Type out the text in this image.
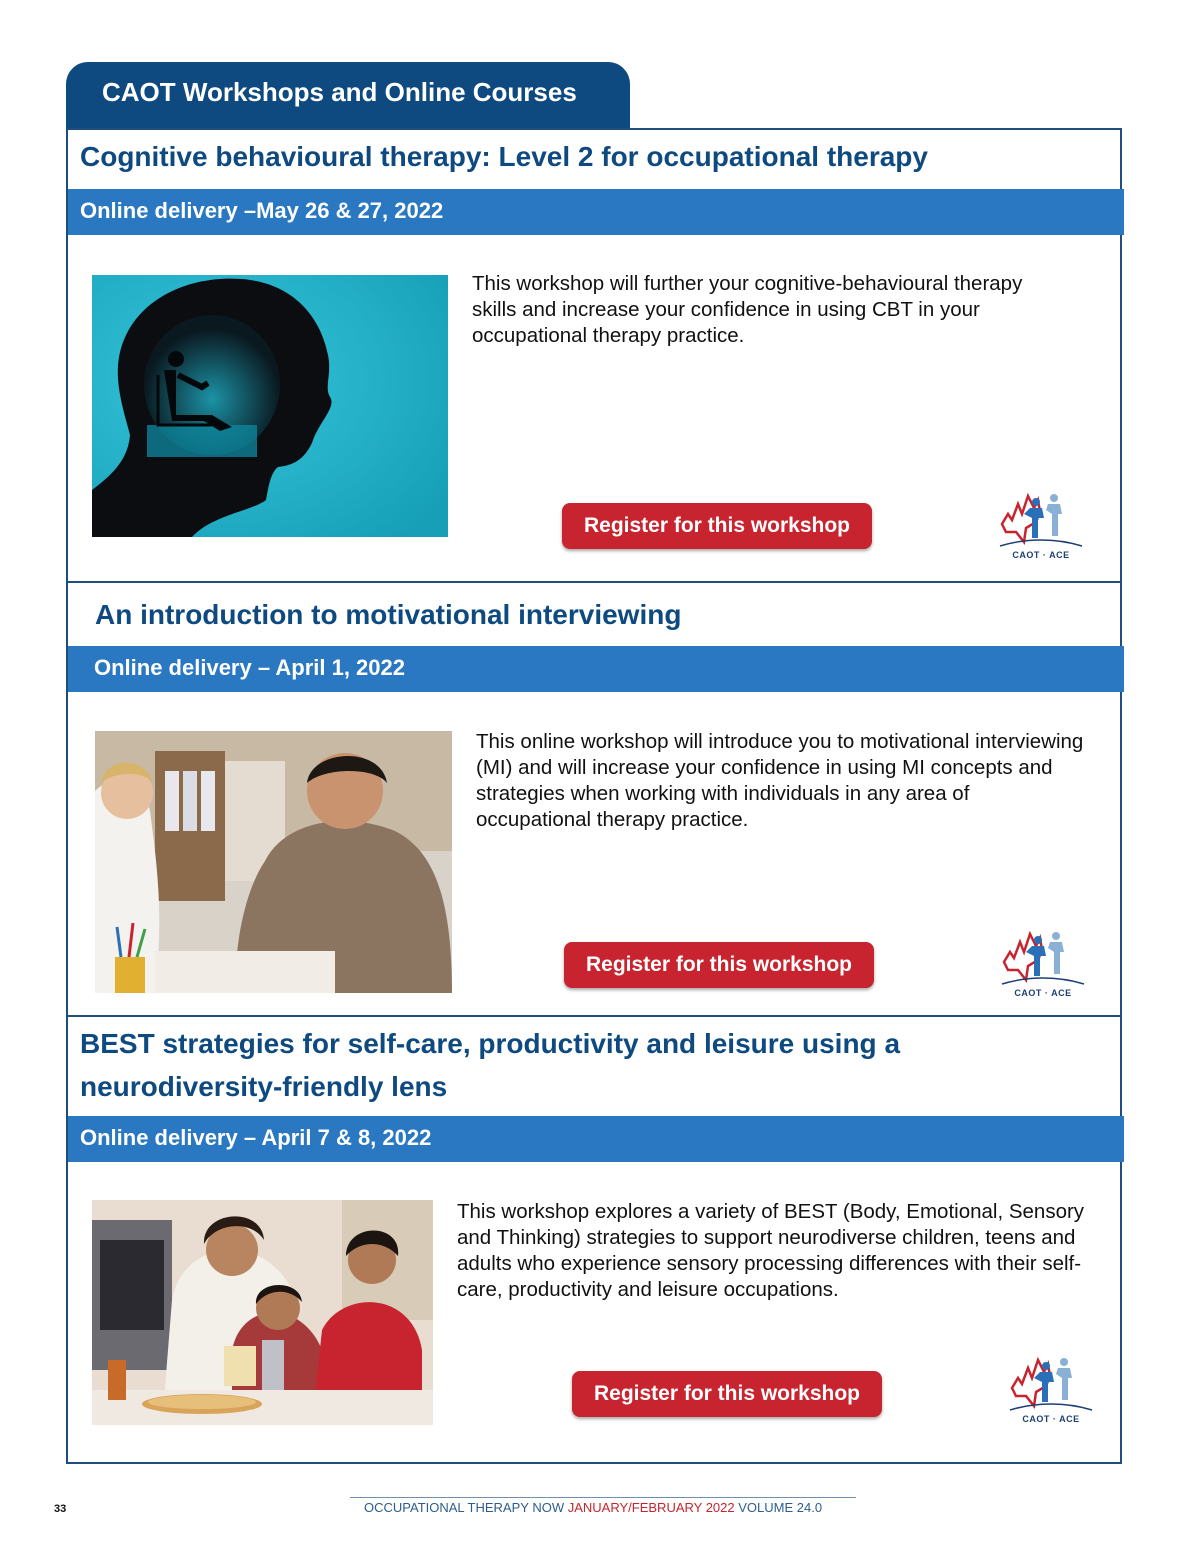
CAOT Workshops and Online Courses
Cognitive behavioural therapy: Level 2 for occupational therapy
Online delivery –May 26 & 27, 2022
This workshop will further your cognitive-behavioural therapy skills and increase your confidence in using CBT in your occupational therapy practice.
Register for this workshop
CAOT · ACE
An introduction to motivational interviewing
Online delivery – April 1, 2022
This online workshop will introduce you to motivational interviewing (MI) and will increase your confidence in using MI concepts and strategies when working with individuals in any area of occupational therapy practice.
Register for this workshop
CAOT · ACE
BEST strategies for self-care, productivity and leisure using a
neurodiversity-friendly lens
Online delivery – April 7 & 8, 2022
This workshop explores a variety of BEST (Body, Emotional, Sensory and Thinking) strategies to support neurodiverse children, teens and adults who experience sensory processing differences with their self-care, productivity and leisure occupations.
Register for this workshop
CAOT · ACE
33	OCCUPATIONAL THERAPY NOW JANUARY/FEBRUARY 2022 VOLUME 24.0
